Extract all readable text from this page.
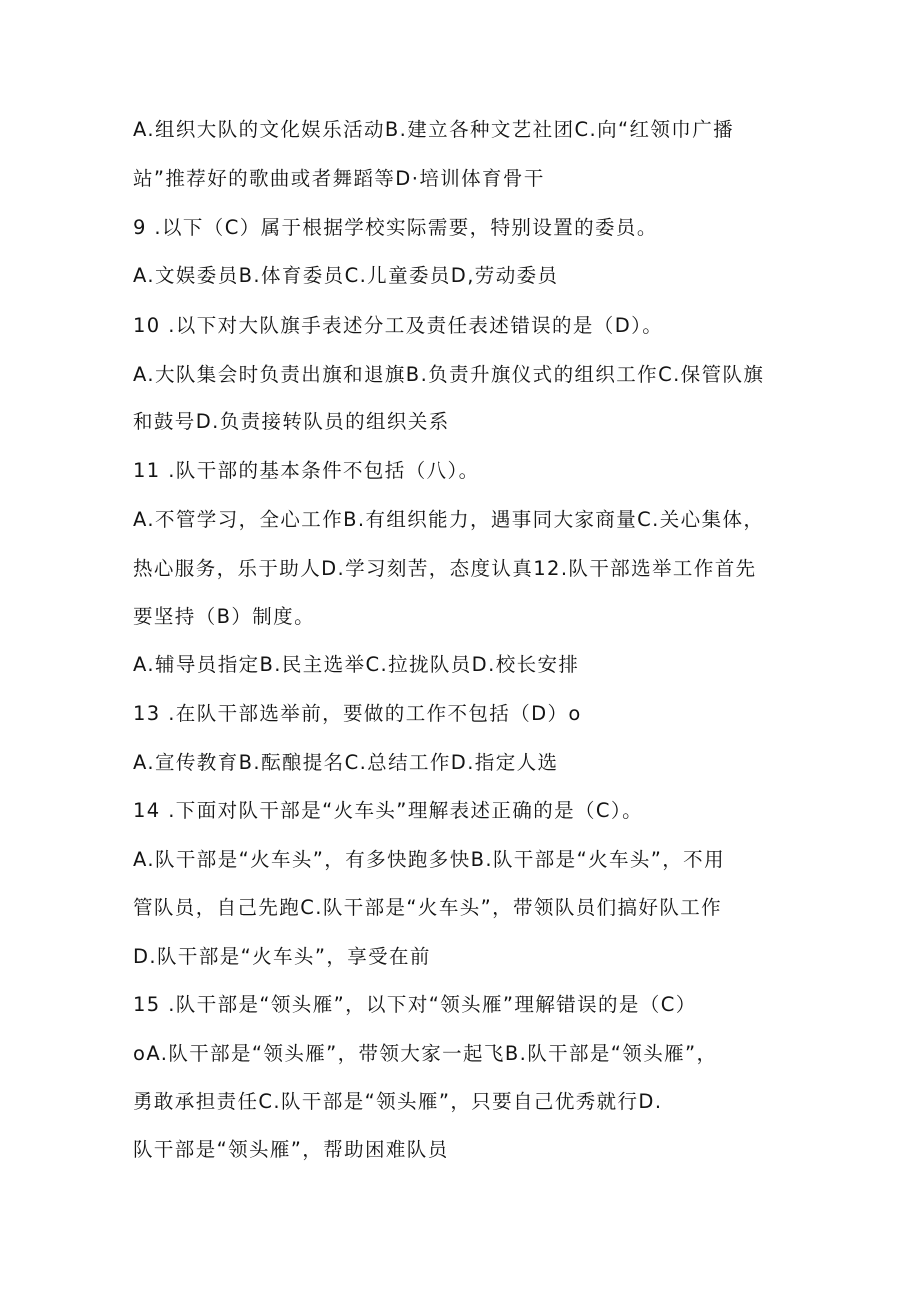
A.组织大队的文化娱乐活动B.建立各种文艺社团C.向“红领巾广播
站”推荐好的歌曲或者舞蹈等D·培训体育骨干
9 .以下（C）属于根据学校实际需要，特别设置的委员。
A.文娱委员B.体育委员C.儿童委员D,劳动委员
10 .以下对大队旗手表述分工及责任表述错误的是（D）。
A.大队集会时负责出旗和退旗B.负责升旗仪式的组织工作C.保管队旗
和鼓号D.负责接转队员的组织关系
11 .队干部的基本条件不包括（八）。
A.不管学习，全心工作B.有组织能力，遇事同大家商量C.关心集体，
热心服务，乐于助人D.学习刻苦，态度认真12.队干部选举工作首先
要坚持（B）制度。
A.辅导员指定B.民主选举C.拉拢队员D.校长安排
13 .在队干部选举前，要做的工作不包括（D）o
A.宣传教育B.酝酿提名C.总结工作D.指定人选
14 .下面对队干部是“火车头”理解表述正确的是（C）。
A.队干部是“火车头”，有多快跑多快B.队干部是“火车头”，不用
管队员，自己先跑C.队干部是“火车头”，带领队员们搞好队工作
D.队干部是“火车头”，享受在前
15 .队干部是“领头雁”，以下对“领头雁”理解错误的是（C）
oA.队干部是“领头雁”，带领大家一起飞B.队干部是“领头雁”，
勇敢承担责任C.队干部是“领头雁”，只要自己优秀就行D.
队干部是“领头雁”，帮助困难队员
